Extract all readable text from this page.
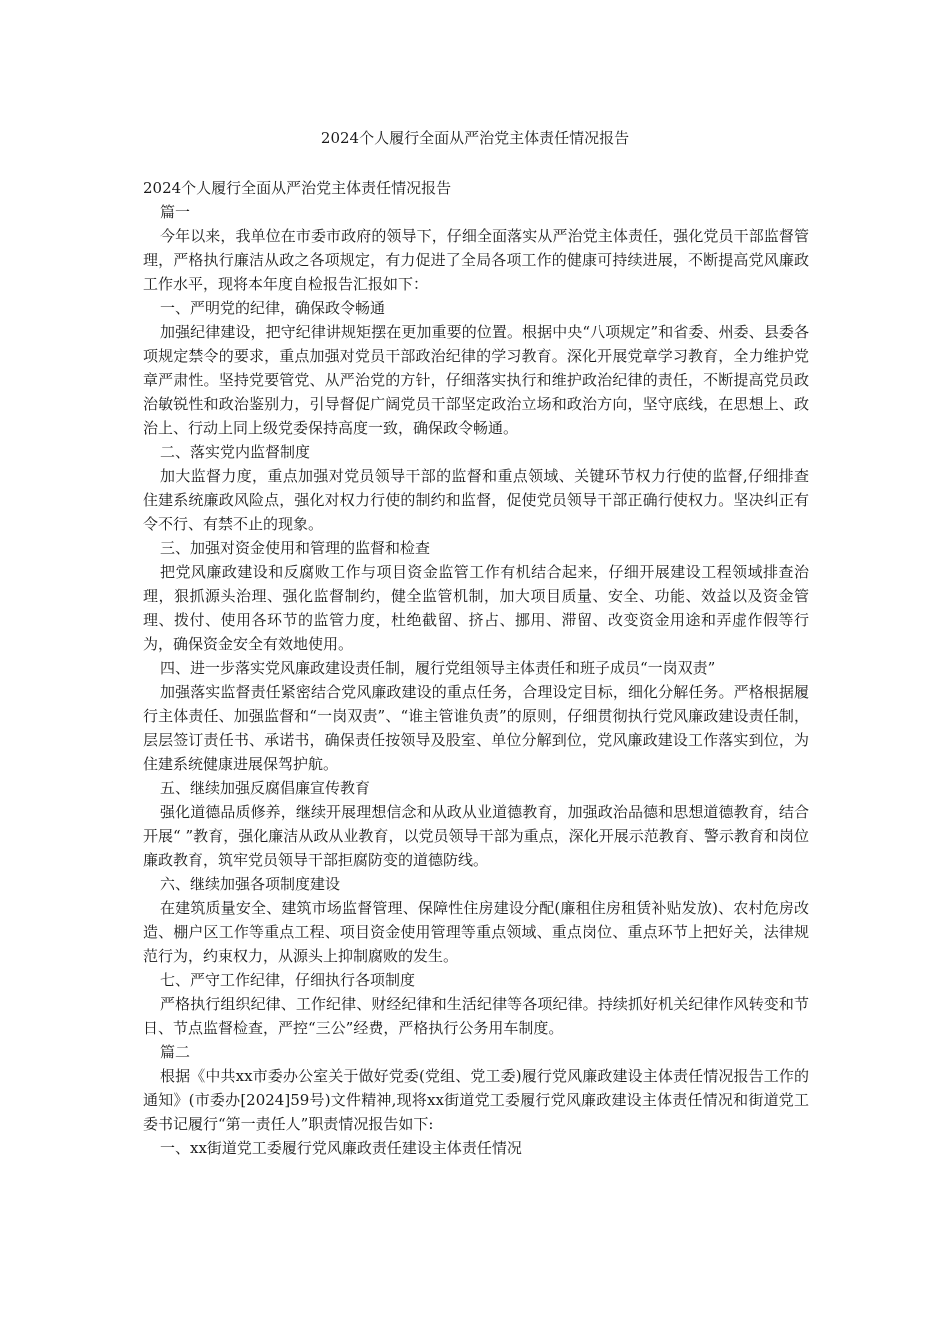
2024个人履行全面从严治党主体责任情况报告

2024个人履行全面从严治党主体责任情况报告

篇一

今年以来，我单位在市委市政府的领导下，仔细全面落实从严治党主体责任，强化党员干部监督管理，严格执行廉洁从政之各项规定，有力促进了全局各项工作的健康可持续进展，不断提高党风廉政工作水平，现将本年度自检报告汇报如下：

一、严明党的纪律，确保政令畅通

加强纪律建设，把守纪律讲规矩摆在更加重要的位置。根据中央“八项规定”和省委、州委、县委各项规定禁令的要求，重点加强对党员干部政治纪律的学习教育。深化开展党章学习教育，全力维护党章严肃性。坚持党要管党、从严治党的方针，仔细落实执行和维护政治纪律的责任，不断提高党员政治敏锐性和政治鉴别力，引导督促广阔党员干部坚定政治立场和政治方向，坚守底线，在思想上、政治上、行动上同上级党委保持高度一致，确保政令畅通。

二、落实党内监督制度

加大监督力度，重点加强对党员领导干部的监督和重点领域、关键环节权力行使的监督,仔细排查住建系统廉政风险点，强化对权力行使的制约和监督，促使党员领导干部正确行使权力。坚决纠正有令不行、有禁不止的现象。

三、加强对资金使用和管理的监督和检查

把党风廉政建设和反腐败工作与项目资金监管工作有机结合起来，仔细开展建设工程领域排查治理，狠抓源头治理、强化监督制约，健全监管机制，加大项目质量、安全、功能、效益以及资金管理、拨付、使用各环节的监管力度，杜绝截留、挤占、挪用、滞留、改变资金用途和弄虚作假等行为，确保资金安全有效地使用。

四、进一步落实党风廉政建设责任制，履行党组领导主体责任和班子成员“一岗双责”

加强落实监督责任紧密结合党风廉政建设的重点任务，合理设定目标，细化分解任务。严格根据履行主体责任、加强监督和“一岗双责”、“谁主管谁负责”的原则，仔细贯彻执行党风廉政建设责任制，层层签订责任书、承诺书，确保责任按领导及股室、单位分解到位，党风廉政建设工作落实到位，为住建系统健康进展保驾护航。

五、继续加强反腐倡廉宣传教育

强化道德品质修养，继续开展理想信念和从政从业道德教育，加强政治品德和思想道德教育，结合开展“ ”教育，强化廉洁从政从业教育，以党员领导干部为重点，深化开展示范教育、警示教育和岗位廉政教育，筑牢党员领导干部拒腐防变的道德防线。

六、继续加强各项制度建设

在建筑质量安全、建筑市场监督管理、保障性住房建设分配(廉租住房租赁补贴发放)、农村危房改造、棚户区工作等重点工程、项目资金使用管理等重点领域、重点岗位、重点环节上把好关，法律规范行为，约束权力，从源头上抑制腐败的发生。

七、严守工作纪律，仔细执行各项制度

严格执行组织纪律、工作纪律、财经纪律和生活纪律等各项纪律。持续抓好机关纪律作风转变和节日、节点监督检查，严控“三公”经费，严格执行公务用车制度。

篇二

根据《中共xx市委办公室关于做好党委(党组、党工委)履行党风廉政建设主体责任情况报告工作的通知》(市委办[2024]59号)文件精神,现将xx街道党工委履行党风廉政建设主体责任情况和街道党工委书记履行“第一责任人”职责情况报告如下:

一、xx街道党工委履行党风廉政责任建设主体责任情况
